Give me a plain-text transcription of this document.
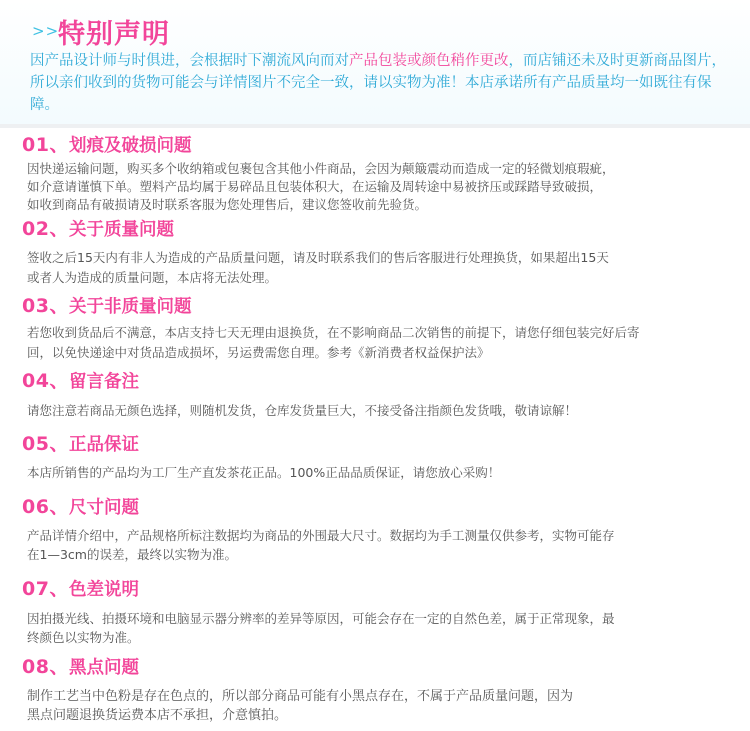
>>
特别声明
因产品设计师与时俱进，会根据时下潮流风向而对产品包装或颜色稍作更改，而店铺还未及时更新商品图片，所以亲们收到的货物可能会与详情图片不完全一致，请以实物为准！本店承诺所有产品质量均一如既往有保障。
01、划痕及破损问题
因快递运输问题，购买多个收纳箱或包裹包含其他小件商品，会因为颠簸震动而造成一定的轻微划痕瑕疵，
如介意请谨慎下单。塑料产品均属于易碎品且包装体积大，在运输及周转途中易被挤压或踩踏导致破损，
如收到商品有破损请及时联系客服为您处理售后，建议您签收前先验货。
02、关于质量问题
签收之后15天内有非人为造成的产品质量问题，请及时联系我们的售后客服进行处理换货，如果超出15天
或者人为造成的质量问题，本店将无法处理。
03、关于非质量问题
若您收到货品后不满意，本店支持七天无理由退换货，在不影响商品二次销售的前提下，请您仔细包装完好后寄
回，以免快递途中对货品造成损坏，另运费需您自理。参考《新消费者权益保护法》
04、留言备注
请您注意若商品无颜色选择，则随机发货，仓库发货量巨大，不接受备注指颜色发货哦，敬请谅解！
05、正品保证
本店所销售的产品均为工厂生产直发茶花正品。100%正品品质保证，请您放心采购！
06、尺寸问题
产品详情介绍中，产品规格所标注数据均为商品的外围最大尺寸。数据均为手工测量仅供参考，实物可能存
在1—3cm的误差，最终以实物为准。
07、色差说明
因拍摄光线、拍摄环境和电脑显示器分辨率的差异等原因，可能会存在一定的自然色差，属于正常现象，最
终颜色以实物为准。
08、黑点问题
制作工艺当中色粉是存在色点的，所以部分商品可能有小黑点存在，不属于产品质量问题，因为
黑点问题退换货运费本店不承担，介意慎拍。
